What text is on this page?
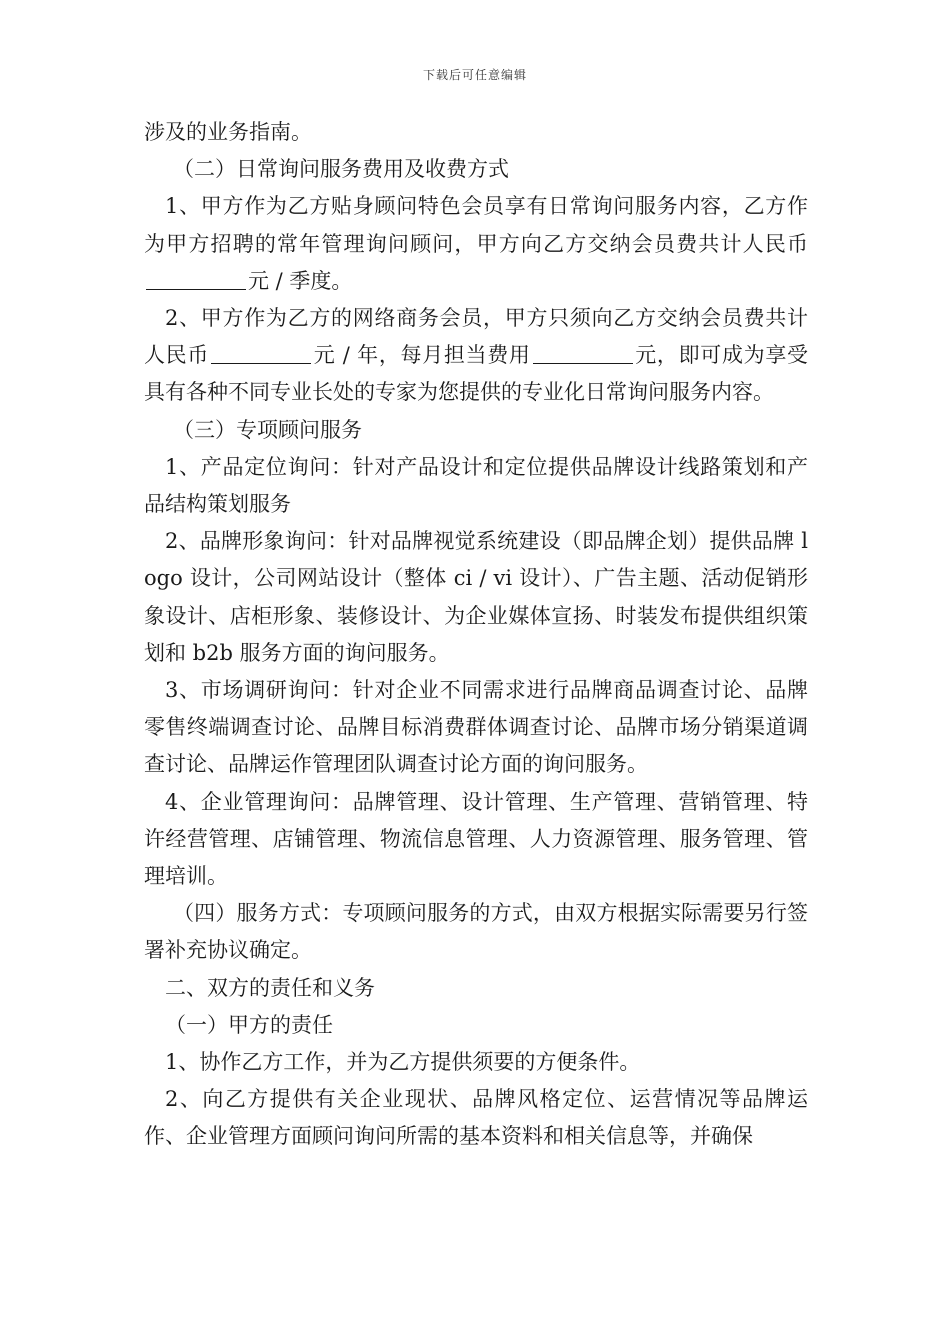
下载后可任意编辑

涉及的业务指南。

（二）日常询问服务费用及收费方式

1、甲方作为乙方贴身顾问特色会员享有日常询问服务内容，乙方作为甲方招聘的常年管理询问顾问，甲方向乙方交纳会员费共计人民币元 / 季度。

2、甲方作为乙方的网络商务会员，甲方只须向乙方交纳会员费共计人民币	元 / 年，每月担当费用	元，即可成为享受具有各种不同专业长处的专家为您提供的专业化日常询问服务内容。

（三）专项顾问服务

1、产品定位询问：针对产品设计和定位提供品牌设计线路策划和产品结构策划服务

2、品牌形象询问：针对品牌视觉系统建设（即品牌企划）提供品牌 logo 设计，公司网站设计（整体 ci / vi 设计）、广告主题、活动促销形象设计、店柜形象、装修设计、为企业媒体宣扬、时装发布提供组织策划和 b2b 服务方面的询问服务。

3、市场调研询问：针对企业不同需求进行品牌商品调查讨论、品牌零售终端调查讨论、品牌目标消费群体调查讨论、品牌市场分销渠道调查讨论、品牌运作管理团队调查讨论方面的询问服务。

4、企业管理询问：品牌管理、设计管理、生产管理、营销管理、特许经营管理、店铺管理、物流信息管理、人力资源管理、服务管理、管理培训。

（四）服务方式：专项顾问服务的方式，由双方根据实际需要另行签署补充协议确定。

二、双方的责任和义务

（一）甲方的责任

1、协作乙方工作，并为乙方提供须要的方便条件。

2、向乙方提供有关企业现状、品牌风格定位、运营情况等品牌运作、企业管理方面顾问询问所需的基本资料和相关信息等，并确保
